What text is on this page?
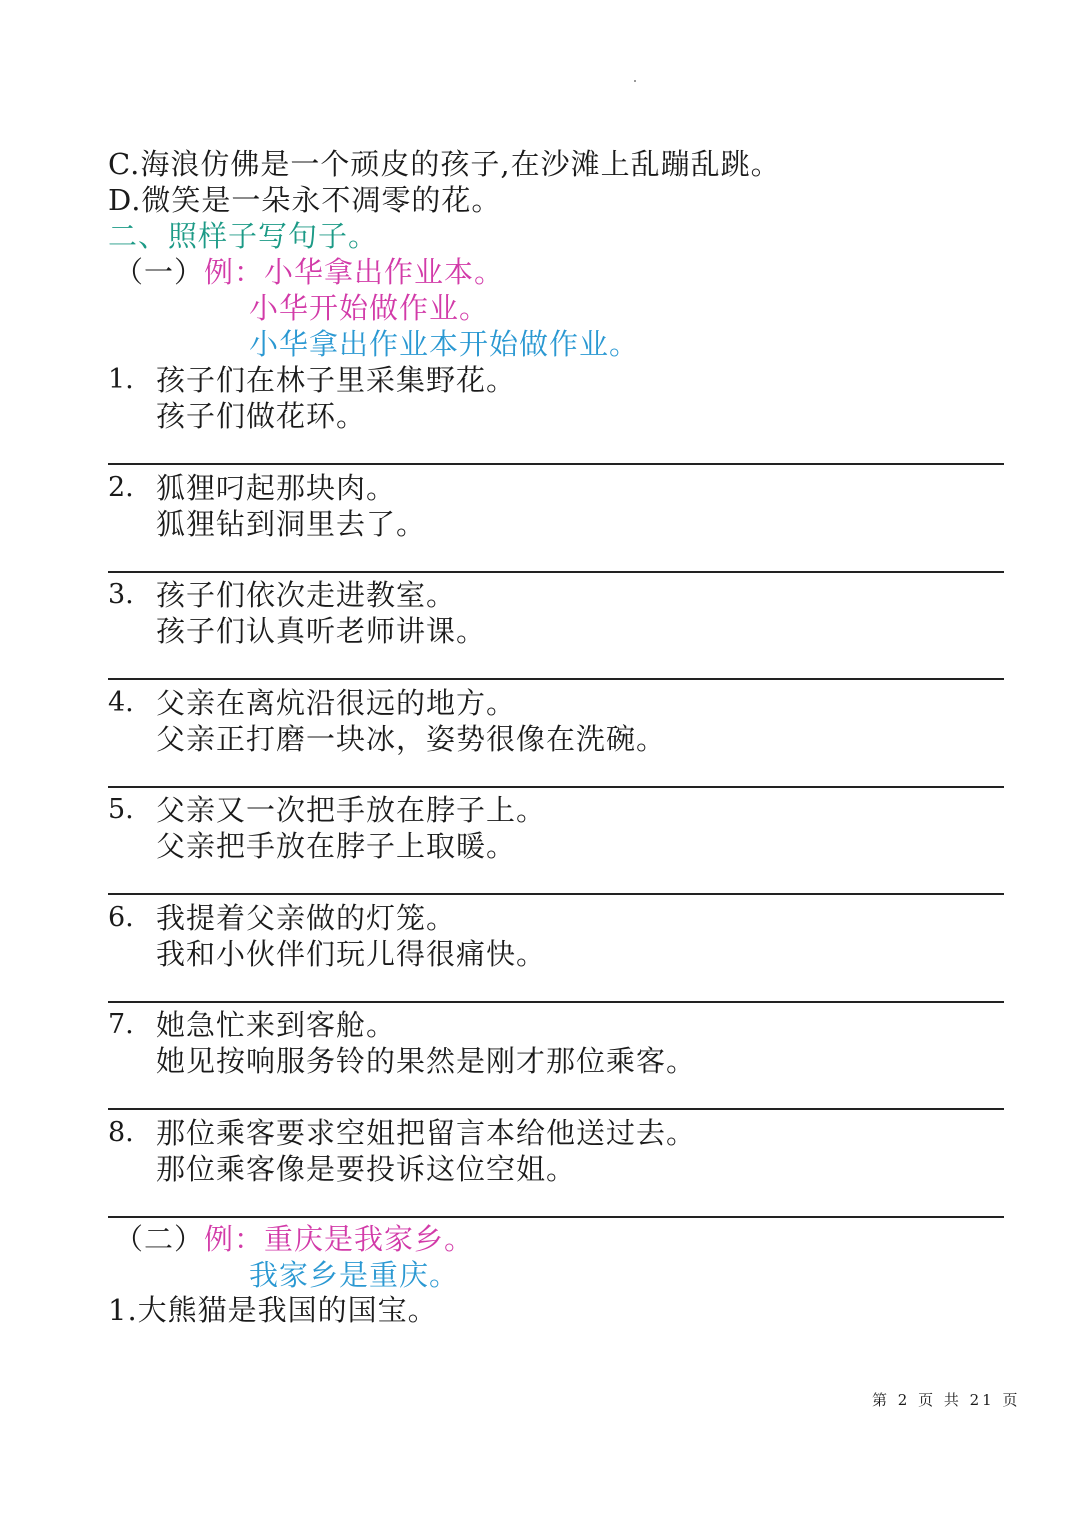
C.海浪仿佛是一个顽皮的孩子,在沙滩上乱蹦乱跳。
D.微笑是一朵永不凋零的花。
二、照样子写句子。
（一）例：小华拿出作业本。
小华开始做作业。
小华拿出作业本开始做作业。
1. 孩子们在林子里采集野花。
孩子们做花环。
2. 狐狸叼起那块肉。
狐狸钻到洞里去了。
3. 孩子们依次走进教室。
孩子们认真听老师讲课。
4. 父亲在离炕沿很远的地方。
父亲正打磨一块冰，姿势很像在洗碗。
5. 父亲又一次把手放在脖子上。
父亲把手放在脖子上取暖。
6. 我提着父亲做的灯笼。
我和小伙伴们玩儿得很痛快。
7. 她急忙来到客舱。
她见按响服务铃的果然是刚才那位乘客。
8. 那位乘客要求空姐把留言本给他送过去。
那位乘客像是要投诉这位空姐。
（二）例：重庆是我家乡。
我家乡是重庆。
1.大熊猫是我国的国宝。
第 2 页 共 21 页
